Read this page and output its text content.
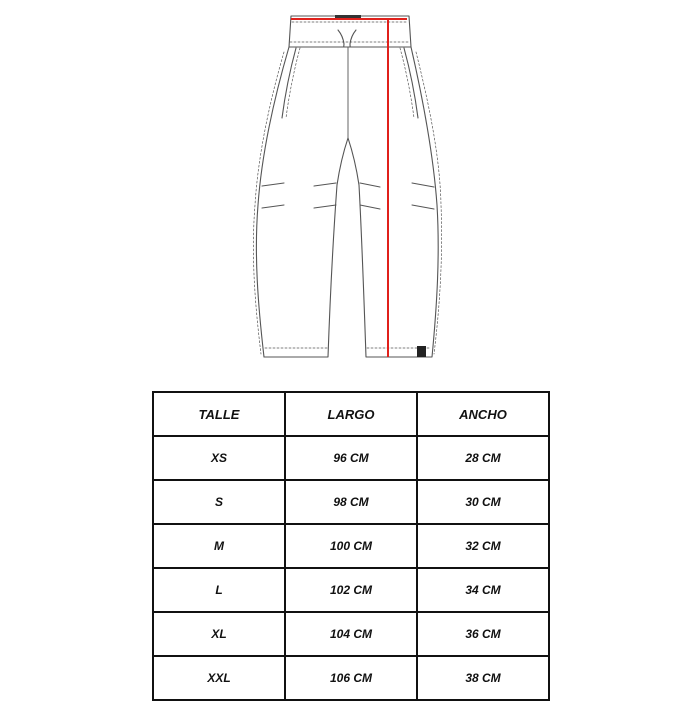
TALLE	LARGO	ANCHO
XS	96 CM	28 CM
S	98 CM	30 CM
M	100 CM	32 CM
L	102 CM	34 CM
XL	104 CM	36 CM
XXL	106 CM	38 CM
